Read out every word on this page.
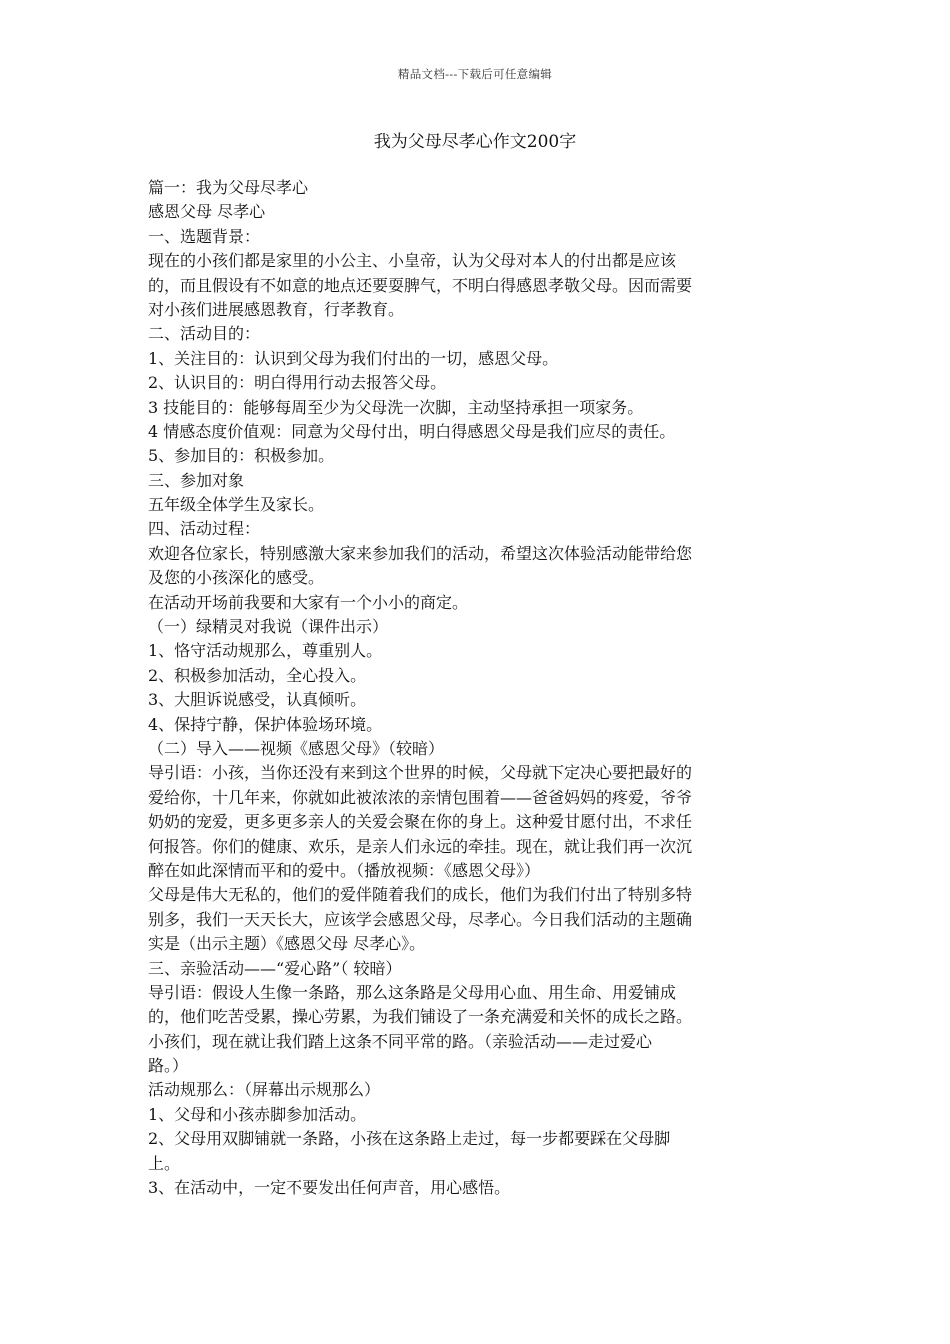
精品文档---下载后可任意编辑
我为父母尽孝心作文200字
篇一：我为父母尽孝心
感恩父母 尽孝心
一、选题背景：
现在的小孩们都是家里的小公主、小皇帝，认为父母对本人的付出都是应该
的，而且假设有不如意的地点还要耍脾气，不明白得感恩孝敬父母。因而需要
对小孩们进展感恩教育，行孝教育。
二、活动目的：
1、关注目的：认识到父母为我们付出的一切，感恩父母。
2、认识目的：明白得用行动去报答父母。
3 技能目的：能够每周至少为父母洗一次脚，主动坚持承担一项家务。
4 情感态度价值观：同意为父母付出，明白得感恩父母是我们应尽的责任。
5、参加目的：积极参加。
三、参加对象
五年级全体学生及家长。
四、活动过程：
欢迎各位家长，特别感激大家来参加我们的活动，希望这次体验活动能带给您
及您的小孩深化的感受。
在活动开场前我要和大家有一个小小的商定。
（一）绿精灵对我说（课件出示）
1、恪守活动规那么，尊重别人。
2、积极参加活动，全心投入。
3、大胆诉说感受，认真倾听。
4、保持宁静，保护体验场环境。
（二）导入——视频《感恩父母》（较暗）
导引语：小孩，当你还没有来到这个世界的时候，父母就下定决心要把最好的
爱给你，十几年来，你就如此被浓浓的亲情包围着——爸爸妈妈的疼爱，爷爷
奶奶的宠爱，更多更多亲人的关爱会聚在你的身上。这种爱甘愿付出，不求任
何报答。你们的健康、欢乐，是亲人们永远的牵挂。现在，就让我们再一次沉
醉在如此深情而平和的爱中。（播放视频：《感恩父母》）
父母是伟大无私的，他们的爱伴随着我们的成长，他们为我们付出了特别多特
别多，我们一天天长大，应该学会感恩父母，尽孝心。今日我们活动的主题确
实是（出示主题）《感恩父母 尽孝心》。
三、亲验活动——“爱心路”（ 较暗）
导引语：假设人生像一条路，那么这条路是父母用心血、用生命、用爱铺成
的，他们吃苦受累，操心劳累，为我们铺设了一条充满爱和关怀的成长之路。
小孩们，现在就让我们踏上这条不同平常的路。（亲验活动——走过爱心
路。）
活动规那么：（屏幕出示规那么）
1、父母和小孩赤脚参加活动。
2、父母用双脚铺就一条路，小孩在这条路上走过，每一步都要踩在父母脚
上。
3、在活动中，一定不要发出任何声音，用心感悟。
